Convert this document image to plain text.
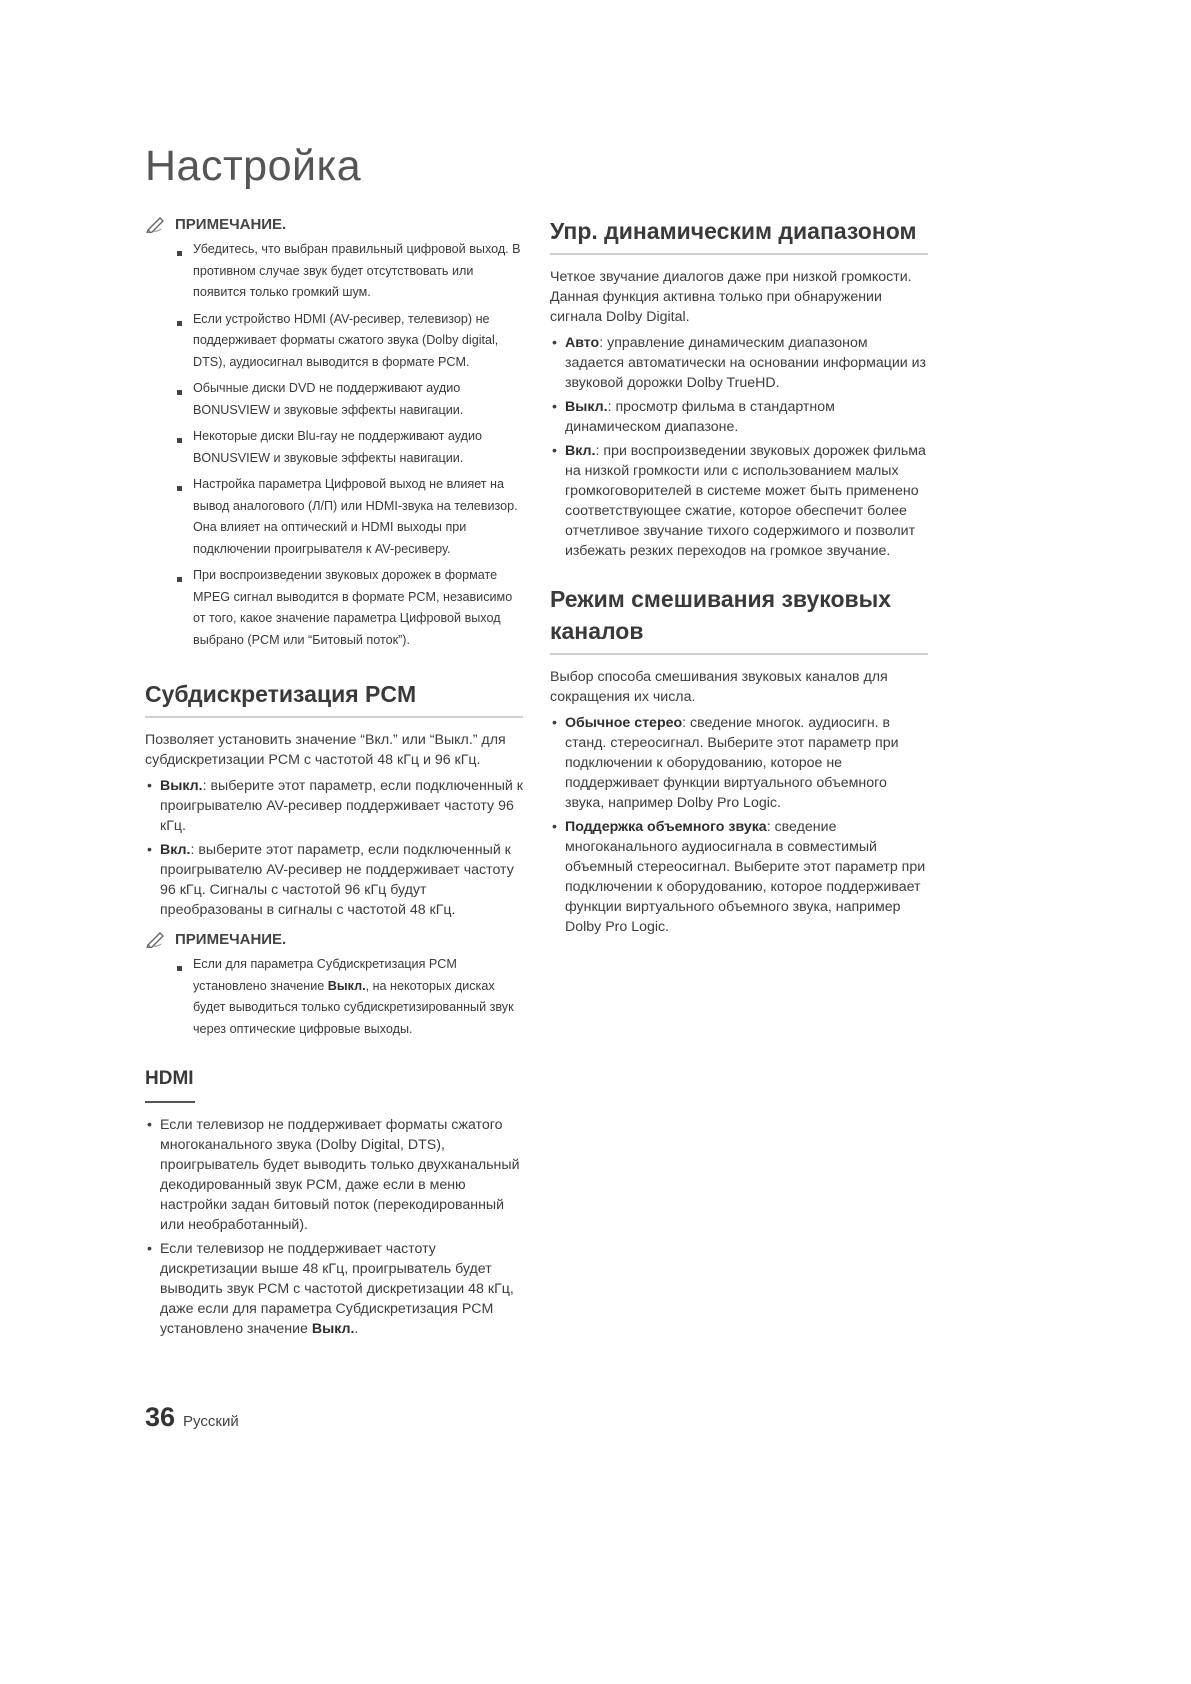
Настройка
ПРИМЕЧАНИЕ.
Убедитесь, что выбран правильный цифровой выход. В противном случае звук будет отсутствовать или появится только громкий шум.
Если устройство HDMI (AV-ресивер, телевизор) не поддерживает форматы сжатого звука (Dolby digital, DTS), аудиосигнал выводится в формате PCM.
Обычные диски DVD не поддерживают аудио BONUSVIEW и звуковые эффекты навигации.
Некоторые диски Blu-ray не поддерживают аудио BONUSVIEW и звуковые эффекты навигации.
Настройка параметра Цифровой выход не влияет на вывод аналогового (Л/П) или HDMI-звука на телевизор. Она влияет на оптический и HDMI выходы при подключении проигрывателя к AV-ресиверу.
При воспроизведении звуковых дорожек в формате MPEG сигнал выводится в формате PCM, независимо от того, какое значение параметра Цифровой выход выбрано (PCM или “Битовый поток”).
Субдискретизация PCM

Позволяет установить значение “Вкл.” или “Выкл.” для субдискретизации PCM с частотой 48 кГц и 96 кГц.

• Выкл.: выберите этот параметр, если подключенный к проигрывателю AV-ресивер поддерживает частоту 96 кГц.
• Вкл.: выберите этот параметр, если подключенный к проигрывателю AV-ресивер не поддерживает частоту 96 кГц. Сигналы с частотой 96 кГц будут преобразованы в сигналы с частотой 48 кГц.
ПРИМЕЧАНИЕ.
Если для параметра Субдискретизация PCM установлено значение Выкл., на некоторых дисках будет выводиться только субдискретизированный звук через оптические цифровые выходы.
HDMI
• Если телевизор не поддерживает форматы сжатого многоканального звука (Dolby Digital, DTS), проигрыватель будет выводить только двухканальный декодированный звук PCM, даже если в меню настройки задан битовый поток (перекодированный или необработанный).
• Если телевизор не поддерживает частоту дискретизации выше 48 кГц, проигрыватель будет выводить звук PCM с частотой дискретизации 48 кГц, даже если для параметра Субдискретизация PCM установлено значение Выкл..
Упр. динамическим диапазоном

Четкое звучание диалогов даже при низкой громкости. Данная функция активна только при обнаружении сигнала Dolby Digital.

• Авто: управление динамическим диапазоном задается автоматически на основании информации из звуковой дорожки Dolby TrueHD.
• Выкл.: просмотр фильма в стандартном динамическом диапазоне.
• Вкл.: при воспроизведении звуковых дорожек фильма на низкой громкости или с использованием малых громкоговорителей в системе может быть применено соответствующее сжатие, которое обеспечит более отчетливое звучание тихого содержимого и позволит избежать резких переходов на громкое звучание.
Режим смешивания звуковых каналов

Выбор способа смешивания звуковых каналов для сокращения их числа.

• Обычное стерео: сведение многок. аудиосигн. в станд. стереосигнал. Выберите этот параметр при подключении к оборудованию, которое не поддерживает функции виртуального объемного звука, например Dolby Pro Logic.
• Поддержка объемного звука: сведение многоканального аудиосигнала в совместимый объемный стереосигнал. Выберите этот параметр при подключении к оборудованию, которое поддерживает функции виртуального объемного звука, например Dolby Pro Logic.
36 Русский
